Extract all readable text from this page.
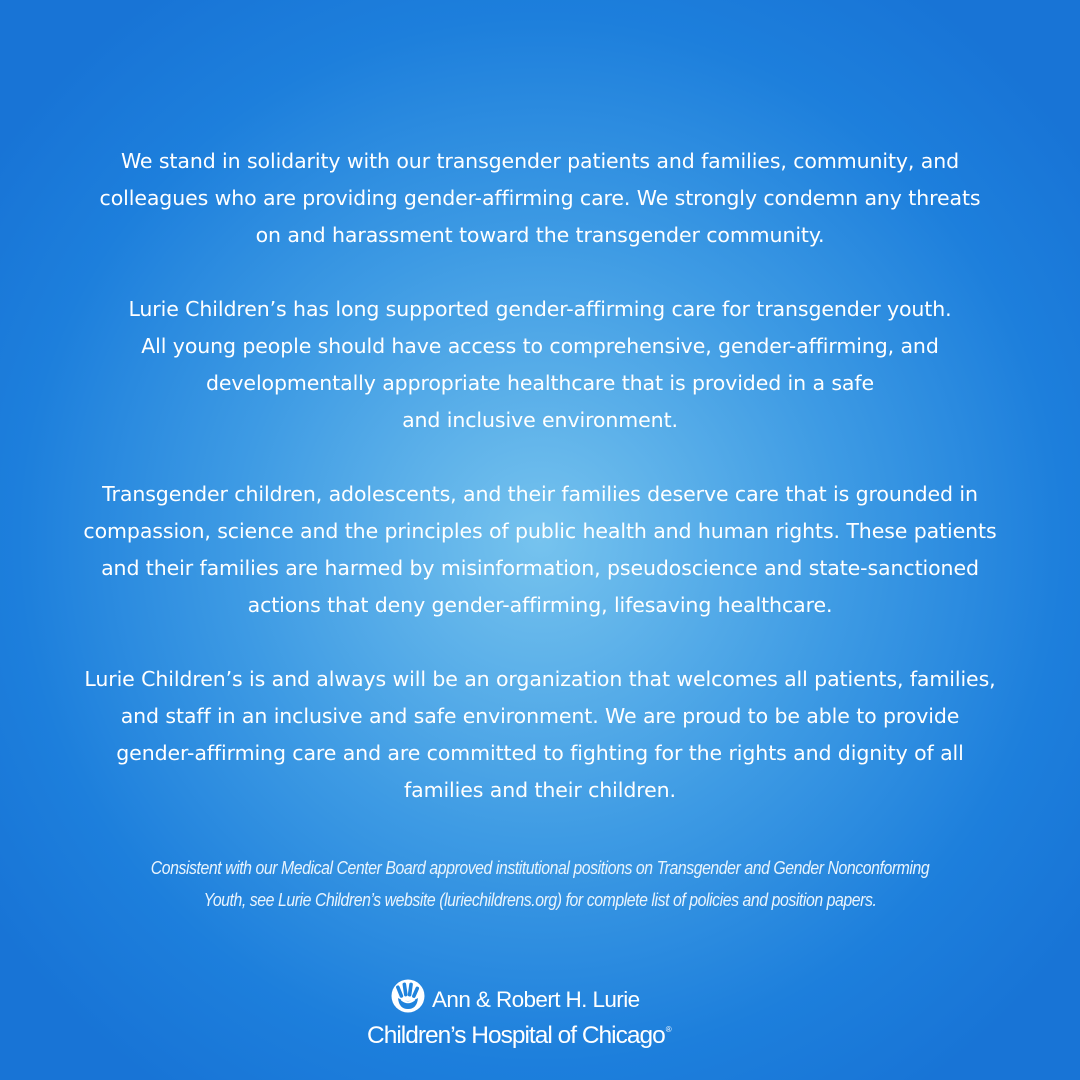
We stand in solidarity with our transgender patients and families, community, and
colleagues who are providing gender-affirming care. We strongly condemn any threats
on and harassment toward the transgender community.

Lurie Children’s has long supported gender-affirming care for transgender youth.
All young people should have access to comprehensive, gender-affirming, and
developmentally appropriate healthcare that is provided in a safe
and inclusive environment.

Transgender children, adolescents, and their families deserve care that is grounded in
compassion, science and the principles of public health and human rights. These patients
and their families are harmed by misinformation, pseudoscience and state-sanctioned
actions that deny gender-affirming, lifesaving healthcare.

Lurie Children’s is and always will be an organization that welcomes all patients, families,
and staff in an inclusive and safe environment. We are proud to be able to provide
gender-affirming care and are committed to fighting for the rights and dignity of all
families and their children.

Consistent with our Medical Center Board approved institutional positions on Transgender and Gender Nonconforming
Youth, see Lurie Children’s website (luriechildrens.org) for complete list of policies and position papers.
Ann & Robert H. Lurie
Children’s Hospital of Chicago®
